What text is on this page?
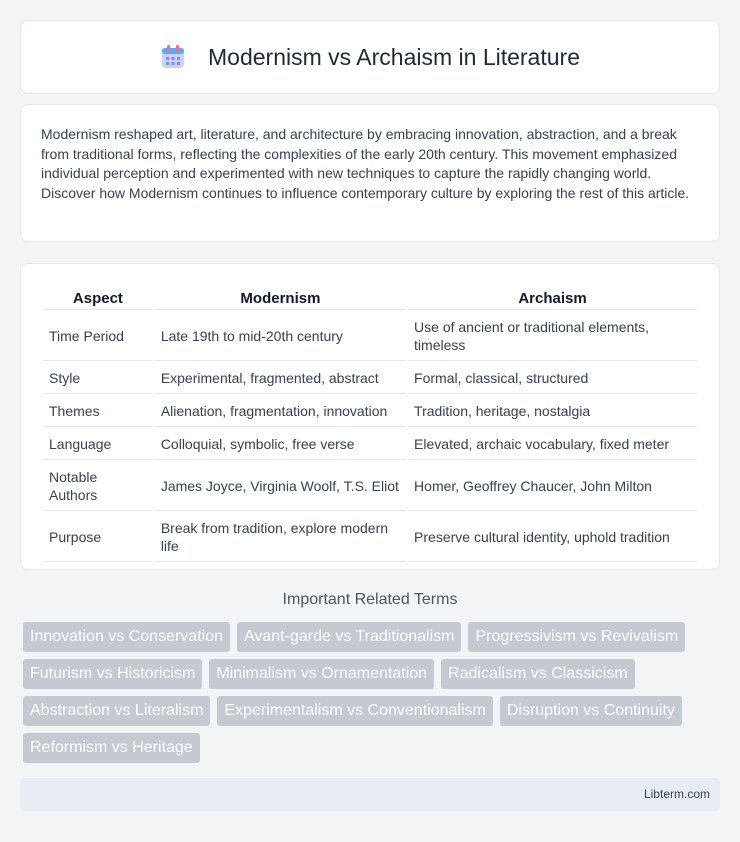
Modernism vs Archaism in Literature

Modernism reshaped art, literature, and architecture by embracing innovation, abstraction, and a break from traditional forms, reflecting the complexities of the early 20th century. This movement emphasized individual perception and experimented with new techniques to capture the rapidly changing world. Discover how Modernism continues to influence contemporary culture by exploring the rest of this article.

Aspect	Modernism	Archaism
Time Period	Late 19th to mid-20th century	Use of ancient or traditional elements, timeless
Style	Experimental, fragmented, abstract	Formal, classical, structured
Themes	Alienation, fragmentation, innovation	Tradition, heritage, nostalgia
Language	Colloquial, symbolic, free verse	Elevated, archaic vocabulary, fixed meter
Notable Authors	James Joyce, Virginia Woolf, T.S. Eliot	Homer, Geoffrey Chaucer, John Milton
Purpose	Break from tradition, explore modern life	Preserve cultural identity, uphold tradition
Important Related Terms
Innovation vs Conservation	Avant-garde vs Traditionalism	Progressivism vs Revivalism
Futurism vs Historicism	Minimalism vs Ornamentation	Radicalism vs Classicism
Abstraction vs Literalism	Experimentalism vs Conventionalism	Disruption vs Continuity
Reformism vs Heritage
Libterm.com
